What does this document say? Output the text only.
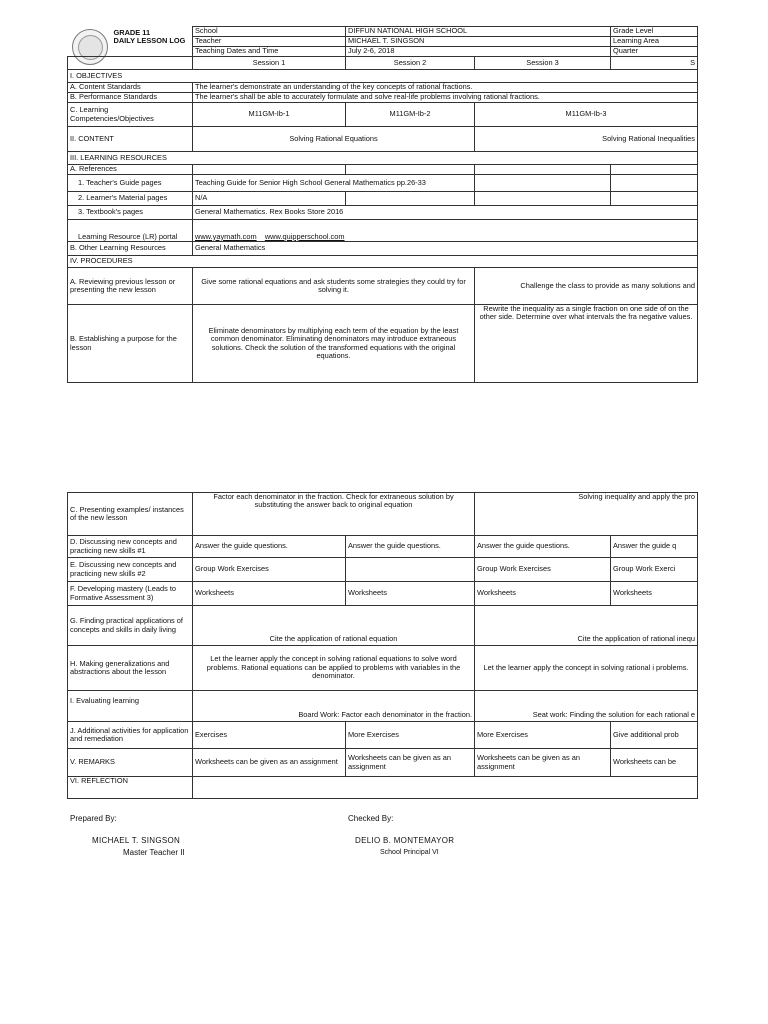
GRADE 11
DAILY LESSON LOG	School	DIFFUN NATIONAL HIGH SCHOOL		Grade Level
	Teacher	MICHAEL T. SINGSON		Learning Area
	Teaching Dates and Time	July 2-6, 2018		Quarter
	Session 1	Session 2	Session 3	S
I. OBJECTIVES				
A. Content Standards	The learner's demonstrate an understanding of the key concepts of rational fractions.			
B. Performance Standards	The learner's shall be able to accurately formulate and solve real-life problems involving rational fractions.			
C. Learning Competencies/Objectives	M11GM-Ib-1	M11GM-Ib-2	M11GM-Ib-3	
II. CONTENT	Solving Rational Equations		Solving Rational Inequalities	
III. LEARNING RESOURCES				
A. References				
1. Teacher's Guide pages	Teaching Guide for Senior High School General Mathematics pp.26-33			
2. Learner's Material pages	N/A			
3. Textbook's pages	General Mathematics. Rex Books Store 2016			
Learning Resource (LR) portal	www.yaymath.com www.quipperschool.com			
B. Other Learning Resources	General Mathematics			
IV. PROCEDURES				
A. Reviewing previous lesson or presenting the new lesson	Give some rational equations and ask students some strategies they could try for solving it.		Challenge the class to provide as many solutions and	
B. Establishing a purpose for the lesson	Eliminate denominators by multiplying each term of the equation by the least common denominator. Eliminating denominators may introduce extraneous solutions. Check the solution of the transformed equations with the original equations.		Rewrite the inequality as a single fraction on one side of on the other side. Determine over what intervals the fra negative values.	
C. Presenting examples/ instances of the new lesson	Factor each denominator in the fraction. Check for extraneous solution by substituting the answer back to original equation		Solving inequality and apply the pro	
D. Discussing new concepts and practicing new skills #1	Answer the guide questions.	Answer the guide questions.	Answer the guide questions.	Answer the guide q
E. Discussing new concepts and practicing new skills #2	Group Work Exercises		Group Work Exercises	Group Work Exerci
F. Developing mastery (Leads to Formative Assessment 3)	Worksheets	Worksheets	Worksheets	Worksheets
G. Finding practical applications of concepts and skills in daily living	Cite the application of rational equation		Cite the application of rational inequ	
H. Making generalizations and abstractions about the lesson	Let the learner apply the concept in solving rational equations to solve word problems. Rational equations can be applied to problems with variables in the denominator.		Let the learner apply the concept in solving rational i problems.	
I. Evaluating learning	Board Work: Factor each denominator in the fraction.		Seat work: Finding the solution for each rational e	
J. Additional activities for application and remediation	Exercises	More Exercises	More Exercises	Give additional prob
V. REMARKS	Worksheets can be given as an assignment	Worksheets can be given as an assignment	Worksheets can be given as an assignment	Worksheets can be
VI. REFLECTION				
Prepared By:
MICHAEL T. SINGSON
Master Teacher II
Checked By:
DELIO B. MONTEMAYOR
School Principal VI
